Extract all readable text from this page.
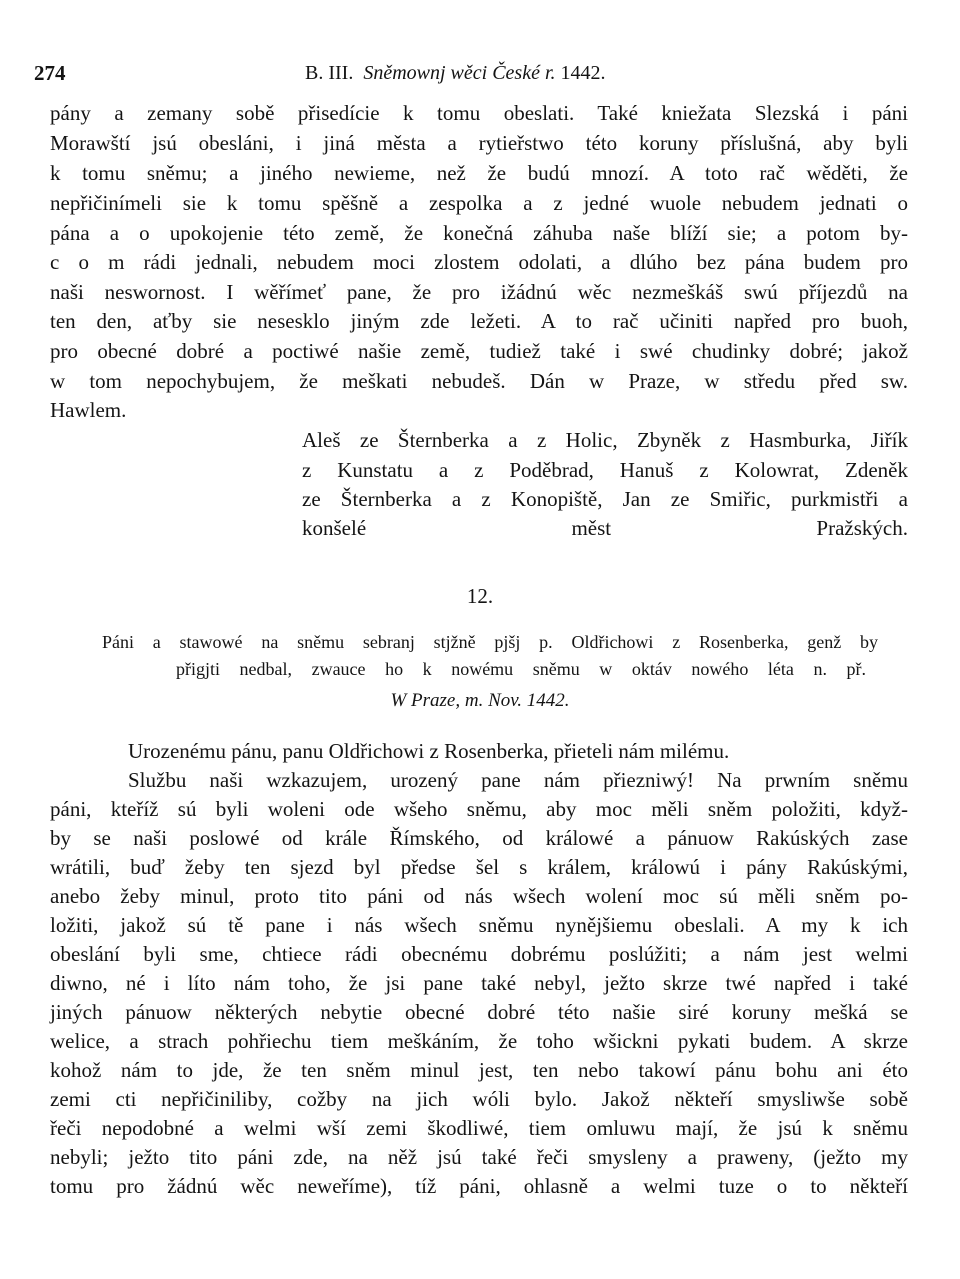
274	B. III. Sněmownj wěci České r. 1442.
pány a zemany sobě přisedície k tomu obeslati. Také kniežata Slezská i páni
Morawští jsú obesláni, i jiná města a rytieřstwo této koruny příslušná, aby byli
k tomu sněmu; a jiného newieme, než že budú mnozí. A toto rač wěděti, že
nepřičinímeli sie k tomu spěšně a zespolka a z jedné wuole nebudem jednati o
pána a o upokojenie této země, že konečná záhuba naše blíží sie; a potom by-
c o m rádi jednali, nebudem moci zlostem odolati, a dlúho bez pána budem pro
naši neswornost. I wěřímeť pane, že pro ižádnú wěc nezmeškáš swú příjezdů na
ten den, aťby sie nesesklo jiným zde ležeti. A to rač učiniti napřed pro buoh,
pro obecné dobré a poctiwé našie země, tudiež také i swé chudinky dobré; jakož
w tom nepochybujem, že meškati nebudeš. Dán w Praze, w středu před sw.
Hawlem.
Aleš ze Šternberka a z Holic, Zbyněk z Hasmburka, Jiřík
z Kunstatu a z Poděbrad, Hanuš z Kolowrat, Zdeněk
ze Šternberka a z Konopiště, Jan ze Smiřic, purkmistři a
konšelé měst Pražských.
12.
Páni a stawowé na sněmu sebranj stjžně pjšj p. Oldřichowi z Rosenberka, genž by
přigjti nedbal, zwauce ho k nowému sněmu w oktáv nowého léta n. př.
W Praze, m. Nov. 1442.
Urozenému pánu, panu Oldřichowi z Rosenberka, přieteli nám milému.
Službu naši wzkazujem, urozený pane nám přiezniwý! Na prwním sněmu
páni, kteříž sú byli woleni ode wšeho sněmu, aby moc měli sněm položiti, když-
by se naši poslowé od krále Římského, od králowé a pánuow Rakúských zase
wrátili, buď žeby ten sjezd byl předse šel s králem, králowú i pány Rakúskými,
anebo žeby minul, proto tito páni od nás wšech wolení moc sú měli sněm po-
ložiti, jakož sú tě pane i nás wšech sněmu nynějšiemu obeslali. A my k ich
obeslání byli sme, chtiece rádi obecnému dobrému poslúžiti; a nám jest welmi
diwno, né i líto nám toho, že jsi pane také nebyl, ježto skrze twé napřed i také
jiných pánuow některých nebytie obecné dobré této našie siré koruny mešká se
welice, a strach pohřiechu tiem meškáním, že toho wšickni pykati budem. A skrze
kohož nám to jde, že ten sněm minul jest, ten nebo takowí pánu bohu ani éto
zemi cti nepřičiniliby, cožby na jich wóli bylo. Jakož někteří smysliwše sobě
řeči nepodobné a welmi wší zemi škodliwé, tiem omluwu mají, že jsú k sněmu
nebyli; ježto tito páni zde, na něž jsú také řeči smysleny a praweny, (ježto my
tomu pro žádnú wěc neweříme), tíž páni, ohlasně a welmi tuze o to někteří
